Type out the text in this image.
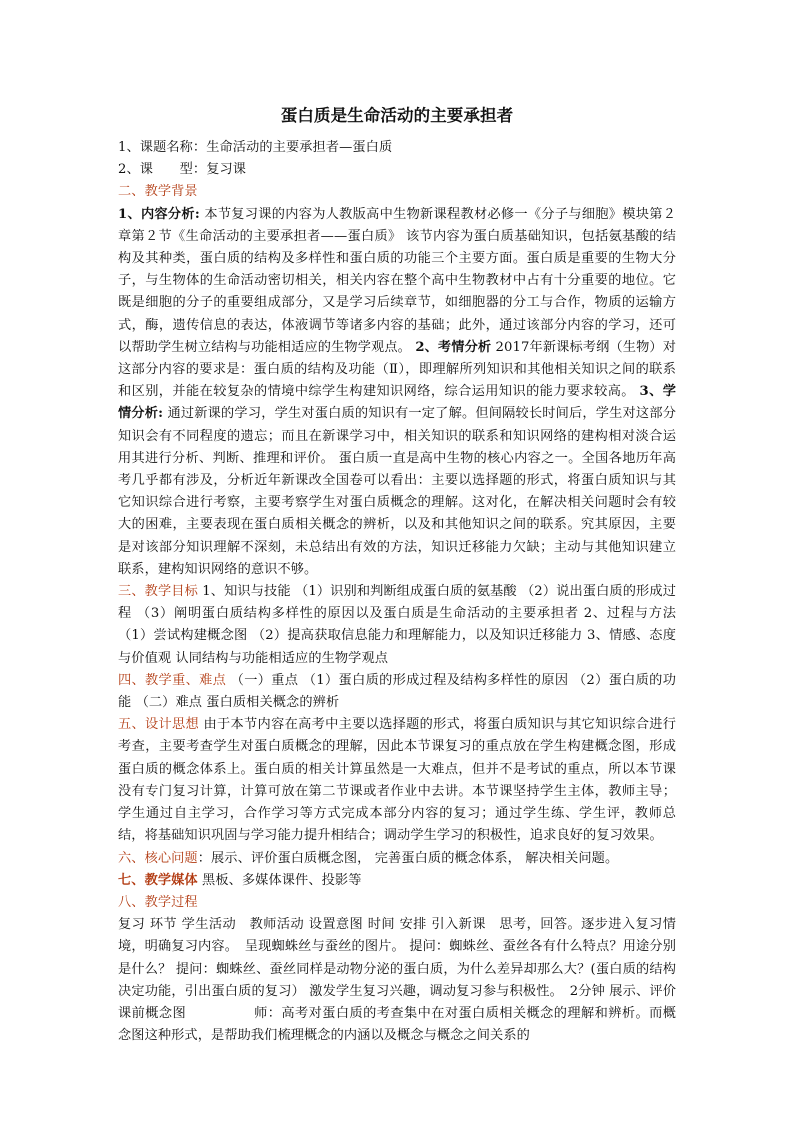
蛋白质是生命活动的主要承担者

1、课题名称：生命活动的主要承担者—蛋白质

2、课　　型：复习课

二、教学背景

1、内容分析: 本节复习课的内容为人教版高中生物新课程教材必修一《分子与细胞》模块第２章第２节《生命活动的主要承担者——蛋白质》 该节内容为蛋白质基础知识，包括氨基酸的结构及其种类，蛋白质的结构及多样性和蛋白质的功能三个主要方面。蛋白质是重要的生物大分子，与生物体的生命活动密切相关，相关内容在整个高中生物教材中占有十分重要的地位。它既是细胞的分子的重要组成部分，又是学习后续章节，如细胞器的分工与合作，物质的运输方式，酶，遗传信息的表达，体液调节等诸多内容的基础；此外，通过该部分内容的学习，还可以帮助学生树立结构与功能相适应的生物学观点。 2、考情分析 2017年新课标考纲（生物）对这部分内容的要求是：蛋白质的结构及功能（Ⅱ），即理解所列知识和其他相关知识之间的联系和区别，并能在较复杂的情境中综学生构建知识网络，综合运用知识的能力要求较高。 3、学情分析: 通过新课的学习，学生对蛋白质的知识有一定了解。但间隔较长时间后，学生对这部分知识会有不同程度的遗忘；而且在新课学习中，相关知识的联系和知识网络的建构相对淡合运用其进行分析、判断、推理和评价。 蛋白质一直是高中生物的核心内容之一。全国各地历年高考几乎都有涉及，分析近年新课改全国卷可以看出：主要以选择题的形式，将蛋白质知识与其它知识综合进行考察，主要考察学生对蛋白质概念的理解。这对化，在解决相关问题时会有较大的困难，主要表现在蛋白质相关概念的辨析，以及和其他知识之间的联系。究其原因，主要是对该部分知识理解不深刻，未总结出有效的方法，知识迁移能力欠缺；主动与其他知识建立联系，建构知识网络的意识不够。

三、教学目标 1、知识与技能 （1）识别和判断组成蛋白质的氨基酸 （2）说出蛋白质的形成过程 （3）阐明蛋白质结构多样性的原因以及蛋白质是生命活动的主要承担者 2、过程与方法 （1）尝试构建概念图 （2）提高获取信息能力和理解能力，以及知识迁移能力 3、情感、态度与价值观 认同结构与功能相适应的生物学观点

四、教学重、难点 （一）重点 （1）蛋白质的形成过程及结构多样性的原因 （2）蛋白质的功能 （二）难点 蛋白质相关概念的辨析

五、设计思想 由于本节内容在高考中主要以选择题的形式，将蛋白质知识与其它知识综合进行考查，主要考查学生对蛋白质概念的理解，因此本节课复习的重点放在学生构建概念图，形成蛋白质的概念体系上。蛋白质的相关计算虽然是一大难点，但并不是考试的重点，所以本节课没有专门复习计算，计算可放在第二节课或者作业中去讲。本节课坚持学生主体，教师主导；学生通过自主学习，合作学习等方式完成本部分内容的复习；通过学生练、学生评，教师总结，将基础知识巩固与学习能力提升相结合；调动学生学习的积极性，追求良好的复习效果。

六、核心问题：展示、评价蛋白质概念图， 完善蛋白质的概念体系， 解决相关问题。

七、教学媒体 黑板、多媒体课件、投影等

八、教学过程

复习 环节 学生活动　教师活动 设置意图 时间 安排 引入新课　思考，回答。逐步进入复习情境，明确复习内容。　呈现蜘蛛丝与蚕丝的图片。 提问：蜘蛛丝、蚕丝各有什么特点？用途分别是什么？ 提问：蜘蛛丝、蚕丝同样是动物分泌的蛋白质，为什么差异却那么大？(蛋白质的结构决定功能，引出蛋白质的复习） 激发学生复习兴趣，调动复习参与积极性。　2分钟 展示、评价课前概念图　　　　　师：高考对蛋白质的考查集中在对蛋白质相关概念的理解和辨析。而概念图这种形式，是帮助我们梳理概念的内涵以及概念与概念之间关系的
